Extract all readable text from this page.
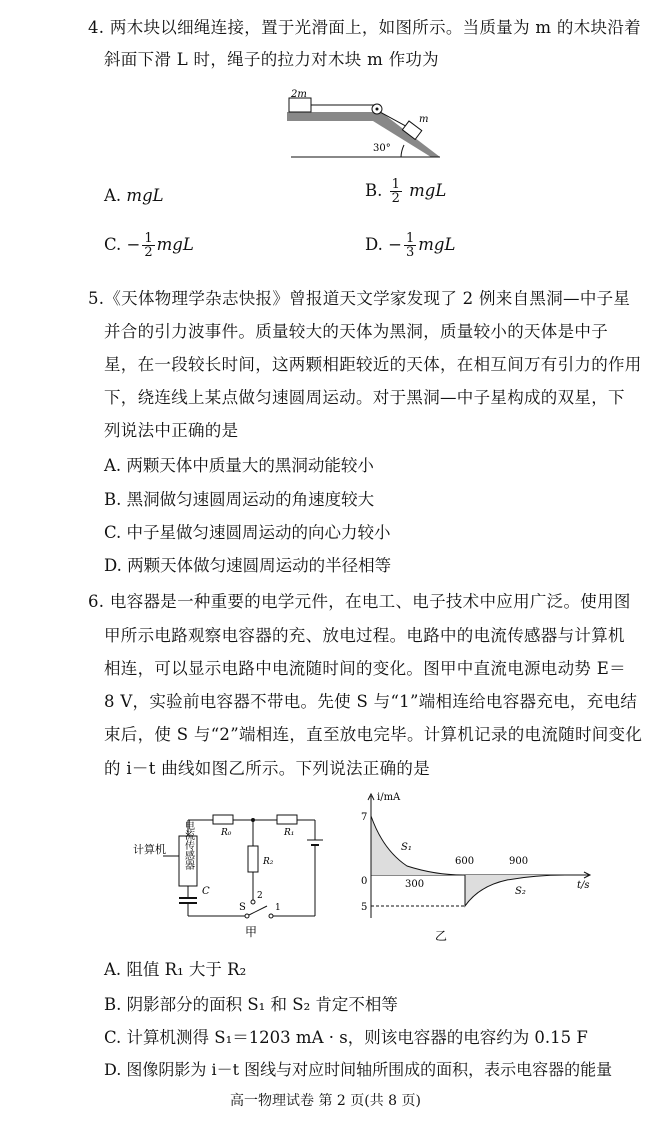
4. 两木块以细绳连接，置于光滑面上，如图所示。当质量为 m 的木块沿着
斜面下滑 L 时，绳子的拉力对木块 m 作功为
2m
m
30°
A. mgL	B. $\frac{1}{2}$ mgL
C. − $\frac{1}{2}$ mgL	D. − $\frac{1}{3}$ mgL
5.《天体物理学杂志快报》曾报道天文学家发现了 2 例来自黑洞—中子星
并合的引力波事件。质量较大的天体为黑洞，质量较小的天体是中子
星，在一段较长时间，这两颗相距较近的天体，在相互间万有引力的作用
下，绕连线上某点做匀速圆周运动。对于黑洞—中子星构成的双星，下
列说法中正确的是
A. 两颗天体中质量大的黑洞动能较小
B. 黑洞做匀速圆周运动的角速度较大
C. 中子星做匀速圆周运动的向心力较小
D. 两颗天体做匀速圆周运动的半径相等
6. 电容器是一种重要的电学元件，在电工、电子技术中应用广泛。使用图
甲所示电路观察电容器的充、放电过程。电路中的电流传感器与计算机
相连，可以显示电路中电流随时间的变化。图甲中直流电源电动势 E＝
8 V，实验前电容器不带电。先使 S 与“1”端相连给电容器充电，充电结
束后，使 S 与“2”端相连，直至放电完毕。计算机记录的电流随时间变化
的 i－t 曲线如图乙所示。下列说法正确的是
电流传感器
计算机
C
R₀	R₁
R₂
2
S	1
甲
i/mA
t/s
7
0
5
300
600	900
S₁
S₂
乙
A. 阻值 R₁ 大于 R₂
B. 阴影部分的面积 S₁ 和 S₂ 肯定不相等
C. 计算机测得 S₁＝1203 mA · s，则该电容器的电容约为 0.15 F
D. 图像阴影为 i－t 图线与对应时间轴所围成的面积，表示电容器的能量
高一物理试卷 第 2 页(共 8 页)
